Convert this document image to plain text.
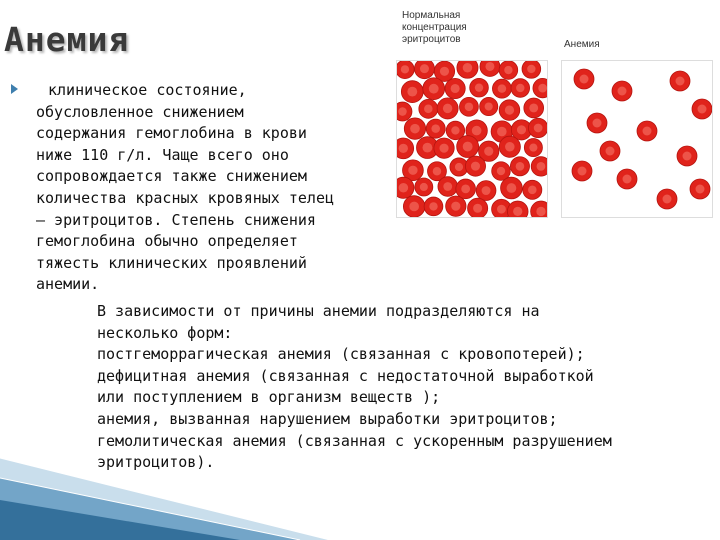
Анемия
клиническое состояние,
обусловленное снижением
содержания гемоглобина в крови
ниже 110 г/л. Чаще всего оно
сопровождается также снижением
количества красных кровяных телец
– эритроцитов. Степень снижения
гемоглобина обычно определяет
тяжесть клинических проявлений
анемии.
В зависимости от причины анемии подразделяются на
несколько форм:
постгеморрагическая анемия (связанная с кровопотерей);
дефицитная анемия (связанная с недостаточной выработкой
или поступлением в организм веществ );
анемия, вызванная нарушением выработки эритроцитов;
гемолитическая анемия (связанная с ускоренным разрушением
эритроцитов).
Нормальная
концентрация
эритроцитов	Анемия
